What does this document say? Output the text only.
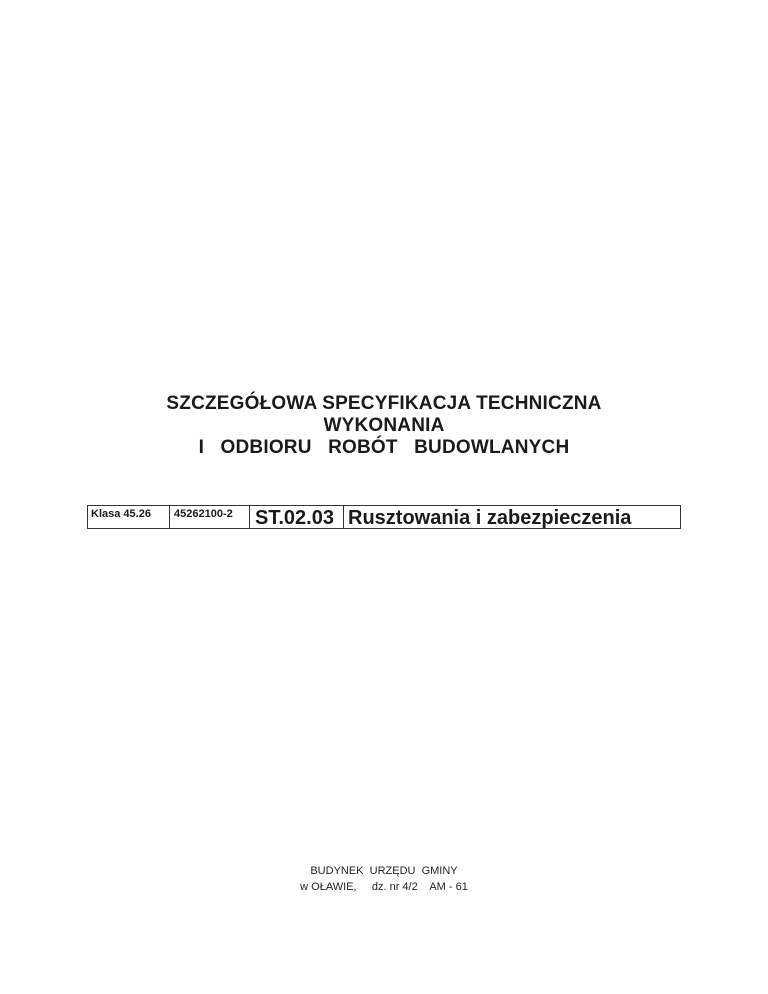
SZCZEGÓŁOWA SPECYFIKACJA TECHNICZNA
WYKONANIA
I   ODBIORU   ROBÓT   BUDOWLANYCH
Klasa 45.26	45262100-2	ST.02.03 Rusztowania i zabezpieczenia
BUDYNEK  URZĘDU  GMINY
w OŁAWIE,     dz. nr 4/2    AM - 61
